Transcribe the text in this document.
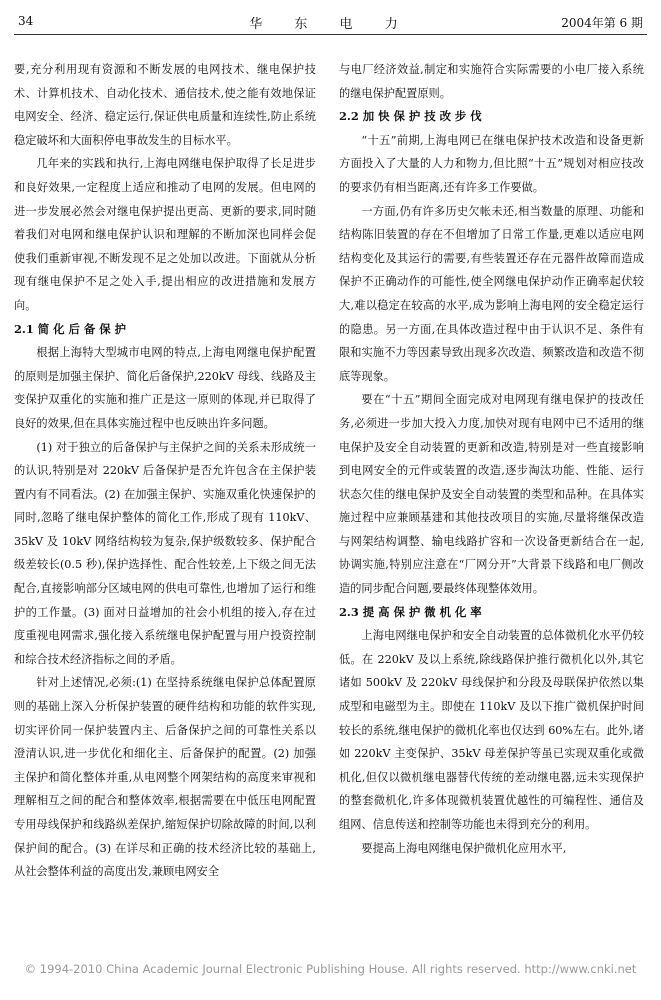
34	华 东 电 力	2004年第 6 期

要,充分利用现有资源和不断发展的电网技术、继电保护技术、计算机技术、自动化技术、通信技术,使之能有效地保证电网安全、经济、稳定运行,保证供电质量和连续性,防止系统稳定破坏和大面积停电事故发生的目标水平。

几年来的实践和执行,上海电网继电保护取得了长足进步和良好效果,一定程度上适应和推动了电网的发展。但电网的进一步发展必然会对继电保护提出更高、更新的要求,同时随着我们对电网和继电保护认识和理解的不断加深也同样会促使我们重新审视,不断发现不足之处加以改进。下面就从分析现有继电保护不足之处入手,提出相应的改进措施和发展方向。

2.1 简 化 后 备 保 护

根据上海特大型城市电网的特点,上海电网继电保护配置的原则是加强主保护、简化后备保护,220kV 母线、线路及主变保护双重化的实施和推广正是这一原则的体现,并已取得了良好的效果,但在具体实施过程中也反映出许多问题。

(1) 对于独立的后备保护与主保护之间的关系未形成统一的认识,特别是对 220kV 后备保护是否允许包含在主保护装置内有不同看法。(2) 在加强主保护、实施双重化快速保护的同时,忽略了继电保护整体的简化工作,形成了现有 110kV、35kV 及 10kV 网络结构较为复杂,保护级数较多、保护配合级差较长(0.5 秒),保护选择性、配合性较差,上下级之间无法配合,直接影响部分区域电网的供电可靠性,也增加了运行和维护的工作量。(3) 面对日益增加的社会小机组的接入,存在过度重视电网需求,强化接入系统继电保护配置与用户投资控制和综合技术经济指标之间的矛盾。

针对上述情况,必须:(1) 在坚持系统继电保护总体配置原则的基础上深入分析保护装置的硬件结构和功能的软件实现,切实评价同一保护装置内主、后备保护之间的可靠性关系以澄清认识,进一步优化和细化主、后备保护的配置。(2) 加强主保护和简化整体并重,从电网整个网架结构的高度来审视和理解相互之间的配合和整体效率,根据需要在中低压电网配置专用母线保护和线路纵差保护,缩短保护切除故障的时间,以利保护间的配合。(3) 在详尽和正确的技术经济比较的基础上,从社会整体利益的高度出发,兼顾电网安全

与电厂经济效益,制定和实施符合实际需要的小电厂接入系统的继电保护配置原则。

2.2 加 快 保 护 技 改 步 伐

“十五”前期,上海电网已在继电保护技术改造和设备更新方面投入了大量的人力和物力,但比照“十五”规划对相应技改的要求仍有相当距离,还有许多工作要做。

一方面,仍有许多历史欠帐未还,相当数量的原理、功能和结构陈旧装置的存在不但增加了日常工作量,更难以适应电网结构变化及其运行的需要,有些装置还存在元器件故障而造成保护不正确动作的可能性,使全网继电保护动作正确率起伏较大,难以稳定在较高的水平,成为影响上海电网的安全稳定运行的隐患。另一方面,在具体改造过程中由于认识不足、条件有限和实施不力等因素导致出现多次改造、频繁改造和改造不彻底等现象。

要在“十五”期间全面完成对电网现有继电保护的技改任务,必须进一步加大投入力度,加快对现有电网中已不适用的继电保护及安全自动装置的更新和改造,特别是对一些直接影响到电网安全的元件或装置的改造,逐步淘汰功能、性能、运行状态欠佳的继电保护及安全自动装置的类型和品种。在具体实施过程中应兼顾基建和其他技改项目的实施,尽量将继保改造与网架结构调整、输电线路扩容和一次设备更新结合在一起,协调实施,特别应注意在“厂网分开”大背景下线路和电厂侧改造的同步配合问题,要最终体现整体效用。

2.3 提 高 保 护 微 机 化 率

上海电网继电保护和安全自动装置的总体微机化水平仍较低。在 220kV 及以上系统,除线路保护推行微机化以外,其它诸如 500kV 及 220kV 母线保护和分段及母联保护依然以集成型和电磁型为主。即使在 110kV 及以下推广微机保护时间较长的系统,继电保护的微机化率也仅达到 60%左右。此外,诸如 220kV 主变保护、35kV 母差保护等虽已实现双重化或微机化,但仅以微机继电器替代传统的差动继电器,远未实现保护的整套微机化,许多体现微机装置优越性的可编程性、通信及组网、信息传送和控制等功能也未得到充分的利用。

要提高上海电网继电保护微机化应用水平,

© 1994-2010 China Academic Journal Electronic Publishing House. All rights reserved. http://www.cnki.net
